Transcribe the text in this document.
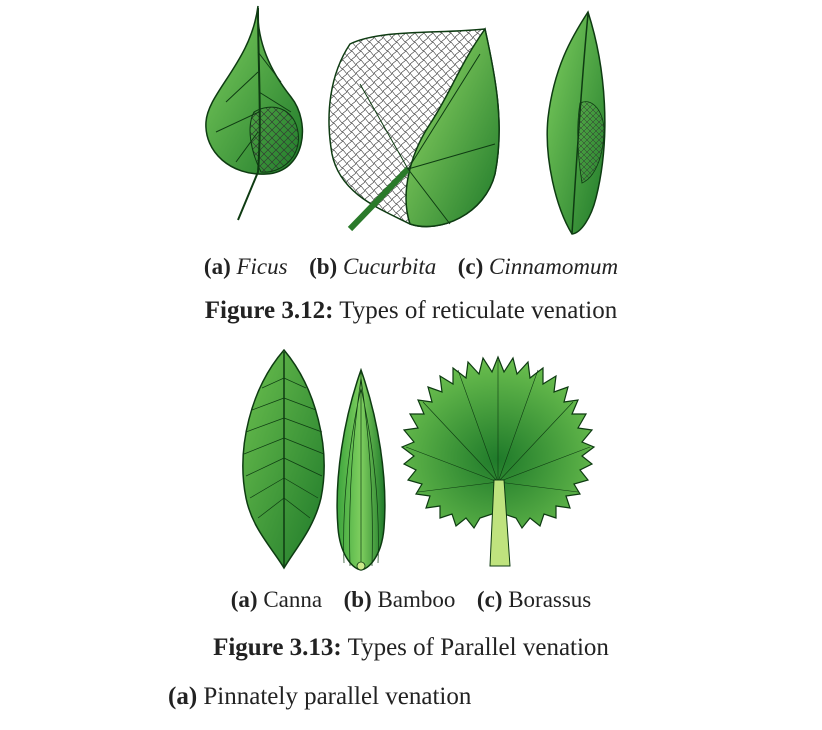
(a) Ficus (b) Cucurbita (c) Cinnamomum
Figure 3.12: Types of reticulate venation
(a) Canna (b) Bamboo (c) Borassus
Figure 3.13: Types of Parallel venation
(a) Pinnately parallel venation
